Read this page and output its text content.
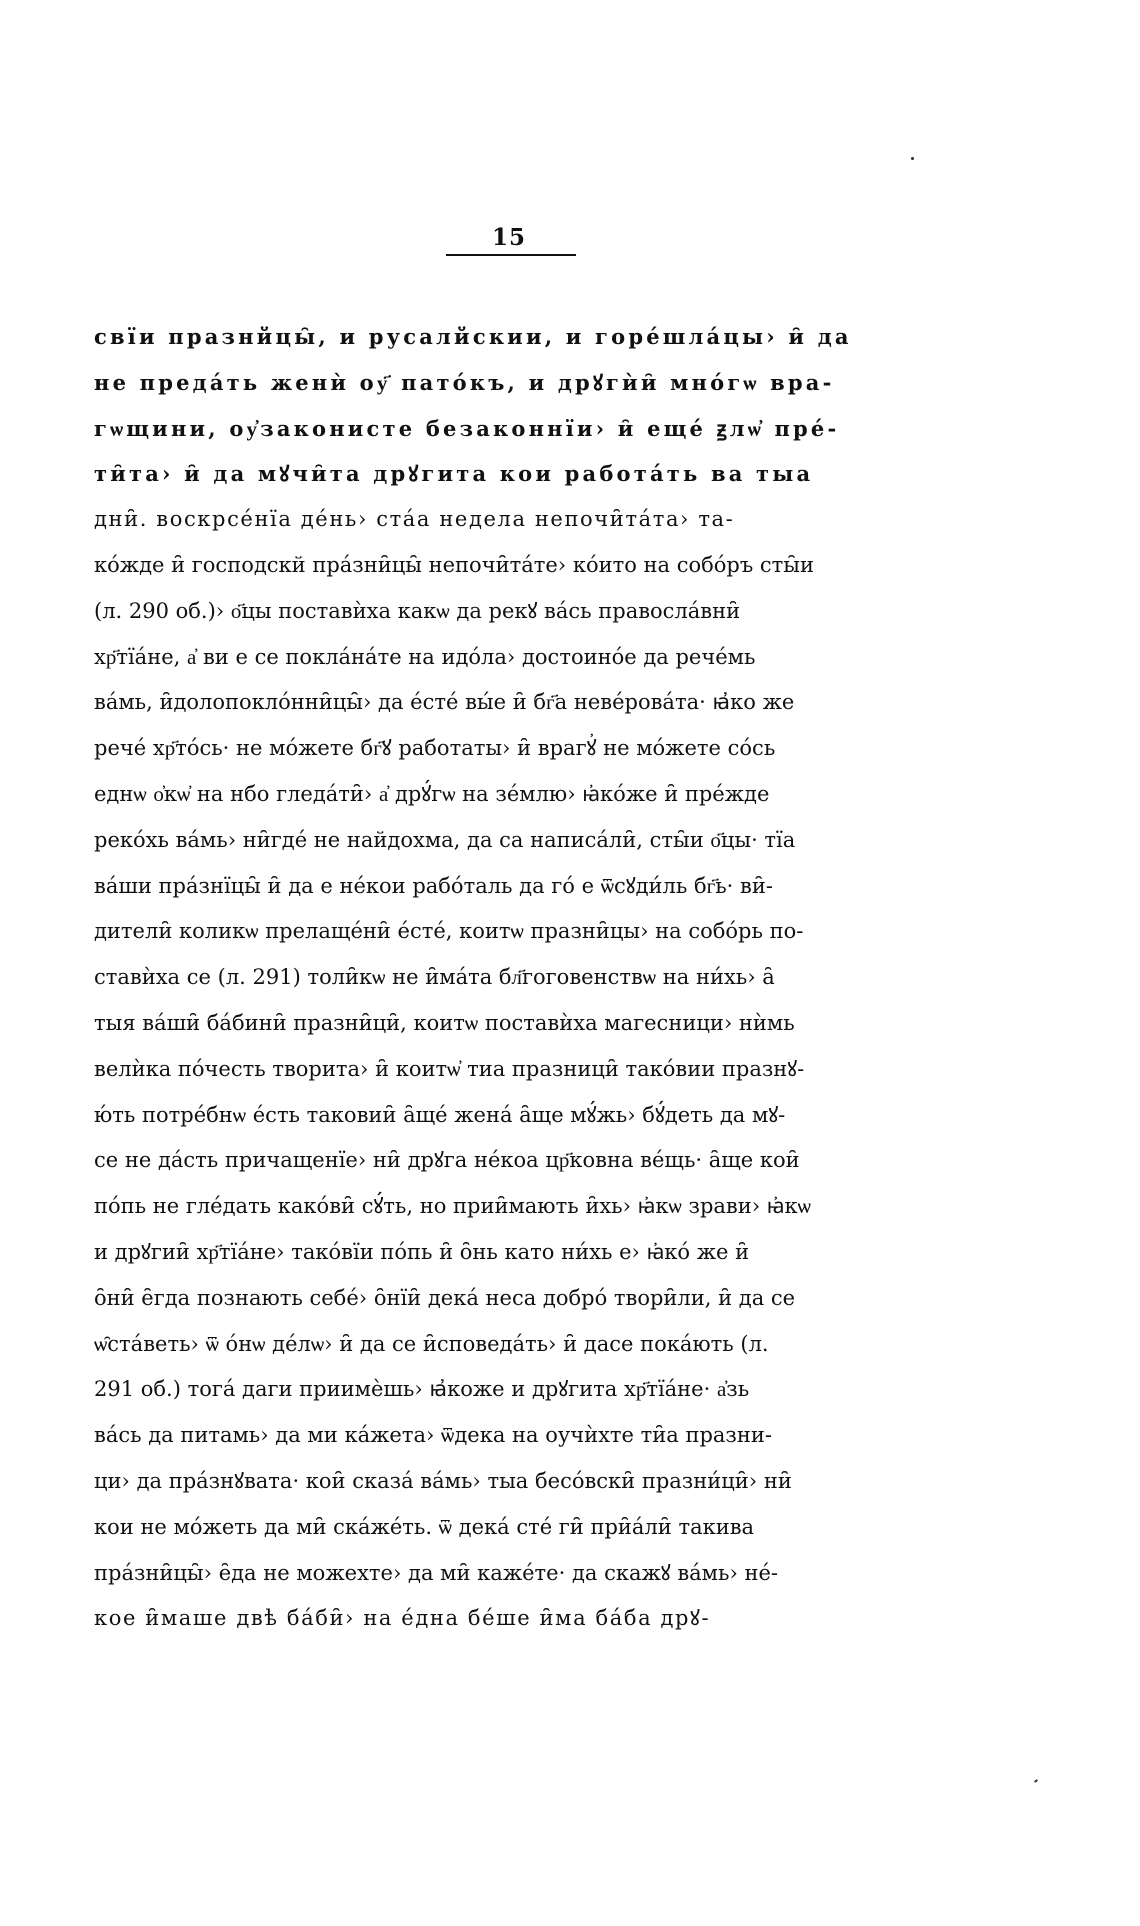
15
свїи празнйцы̑, и русалйскии, и горе́шла́цы› и̑ да
не преда́ть женѝ оу҃ пато́къ, и дрꙋгѝи̑ мно́гѡ вра-
гѡщини, оу҆законисте безаконнїи› и̑ еще́ ꙃлѡ҆ пре́-
ти̑та› и̑ да мꙋчи̑та дрꙋгита кои работа́ть ва тыа
дни̑. воскрсе́нїа де́нь› ста́а недела непочи̑та́та› та-
ко́жде и̑ господскй пра́зни̑цы̑ непочи̑та́те› ко́ито на собо́ръ сты̑и
(л. 290 об.)› о҃цы поставѝха какѡ да рекꙋ ва́сь правосла́вни̑
хр҃тїа́не, а҆ ви е се покла́на́те на идо́ла› достоино́е да рече́мь
ва́мь, и̑долопокло́нни̑цы̑› да е́сте́ вы́е и̑ бг҃а неве́рова́та· ꙗ҆ко же
рече́ хр҃то́сь· не мо́жете бг҃ꙋ работаты› и̑ врагꙋ҆ не мо́жете со́сь
еднѡ о҆кѡ҆ на нбо гледа́ти̑› а҆ дрꙋ́гѡ на зе́млю› ꙗ҆ко́же и̑ пре́жде
реко́хь ва́мь› ни̑где́ не найдохма, да са написа́ли̑, сты̑и о҃цы· тїа
ва́ши пра́знїцы̑ и̑ да е не́кои рабо́таль да го́ е ѿсꙋди́ль бг҃ь· ви̑-
дители̑ коликѡ прелаще́ни̑ е́сте́, коитѡ празни̑цы› на собо́рь по-
ставѝха се (л. 291) толи̑кѡ не и̑ма́та бл҃гоговенствѡ на ни́хь› а̑
тыя ва́ши̑ ба́бини̑ празни̑ци̑, коитѡ поставѝха магесници› нѝмь
велѝка по́честь творита› и̑ коитѡ҆ тиа празници̑ тако́вии празнꙋ-
ю́ть потре́бнѡ е́сть таковии̑ а̑ще́ жена́ а̑ще мꙋ́жь› бꙋ́деть да мꙋ-
се не да́сть причащенїе› ни̑ дрꙋга не́коа цр҃ковна ве́щь· а̑ще кои̑
по́пь не гле́дать како́ви̑ сꙋ́ть, но прии̑мають и̑хь› ꙗ҆кѡ зрави› ꙗ҆кѡ
и дрꙋгии̑ хр҃тїа́не› тако́вїи по́пь и̑ о̑нь като ни́хь е› ꙗ҆ко́ же и̑
о̑ни̑ е̑гда познають себе́› о̑нїи̑ дека́ неса добро́ твори̑ли, и̑ да се
ѡ̑ста́веть› ѿ о́нѡ де́лѡ› и̑ да се и̑споведа́ть› и̑ дасе пока́ють (л.
291 об.) тога́ даги приимѐшь› ꙗ҆коже и дрꙋгита хр҃тїа́не· а҆зь
ва́сь да питамь› да ми ка́жета› ѿдека на оучѝхте ти̑а празни-
ци› да пра́знꙋвата· кои̑ сказа́ ва́мь› тыа бесо́вски̑ празни́ци̑› ни̑
кои не мо́жеть да ми̑ ска́же́ть. ѿ дека́ сте́ ги̑ при̑а́ли̑ такива
пра́зни̑цы̑› е̑да не можехте› да ми̑ каже́те· да скажꙋ ва́мь› не́-
кое и̑маше двѣ ба́би̑› на е́дна бе́ше и̑ма ба́ба дрꙋ-
